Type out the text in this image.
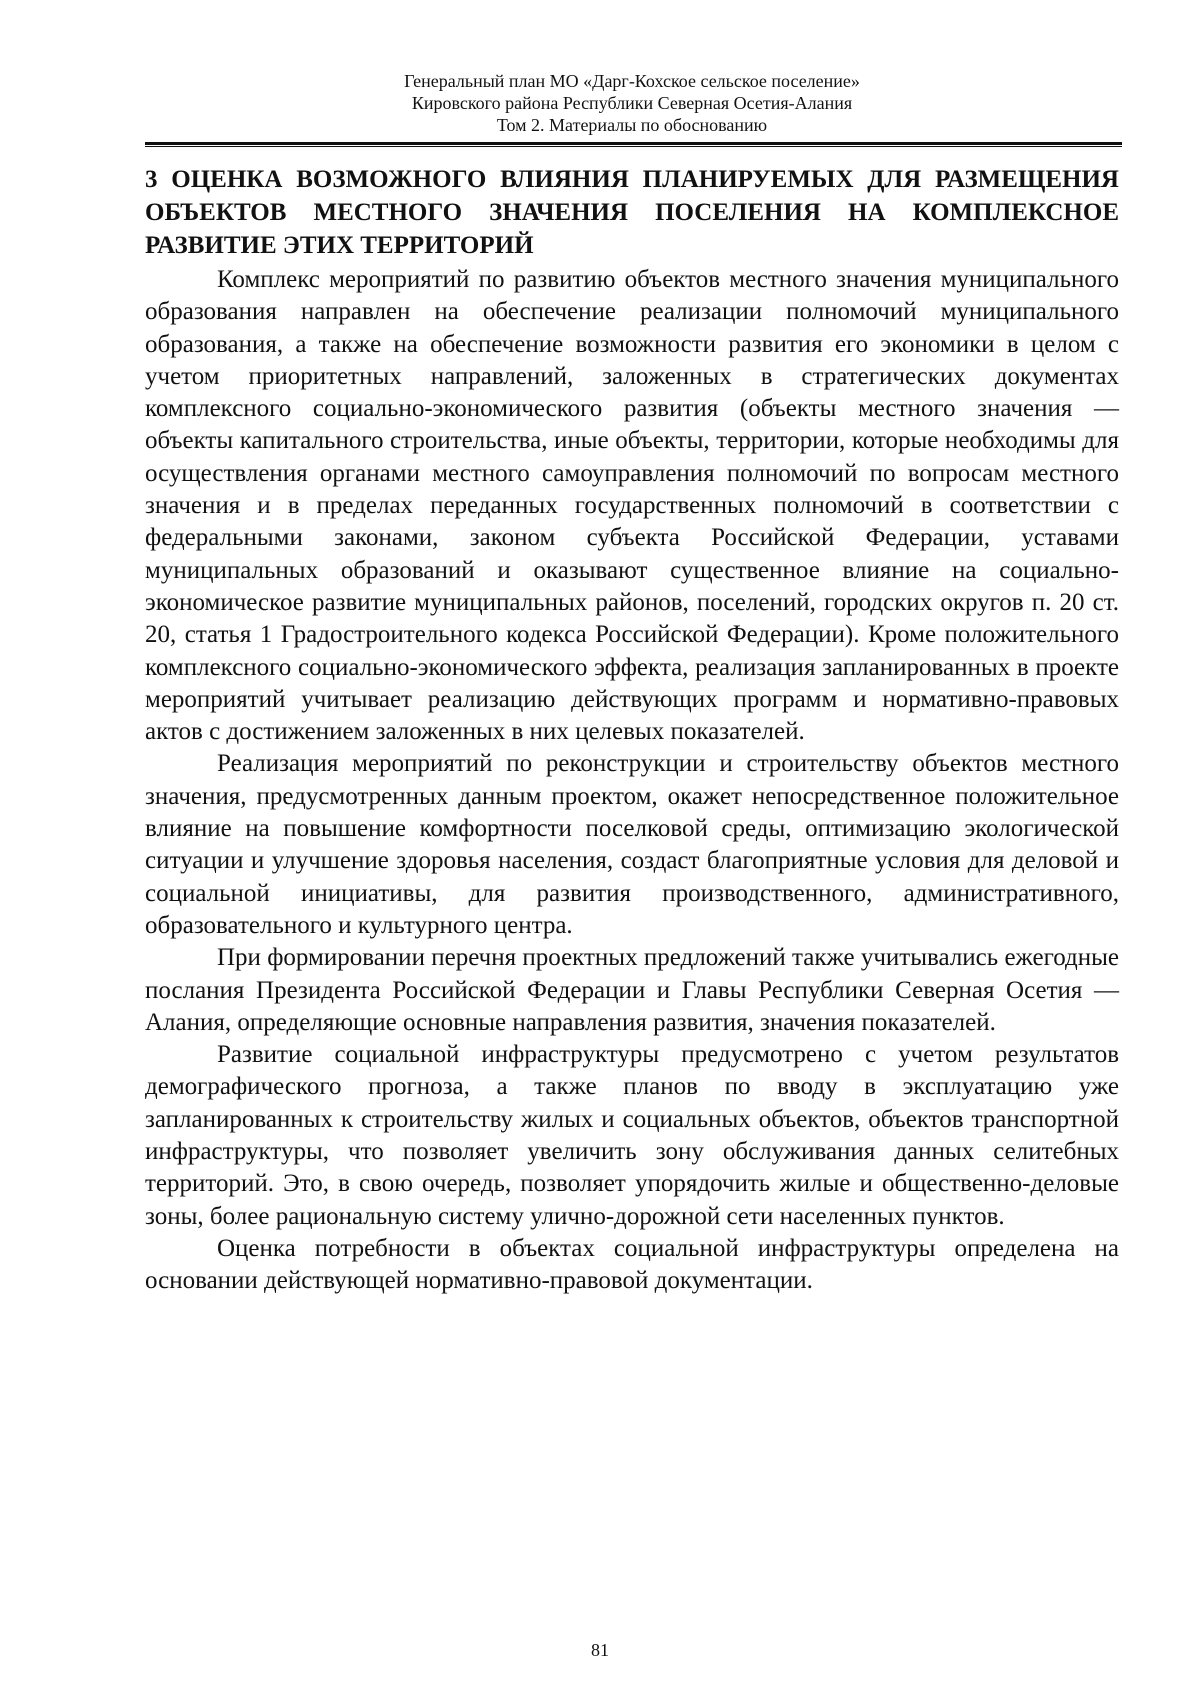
Генеральный план МО «Дарг-Кохское сельское поселение»
Кировского района Республики Северная Осетия-Алания
Том 2. Материалы по обоснованию
3 ОЦЕНКА ВОЗМОЖНОГО ВЛИЯНИЯ ПЛАНИРУЕМЫХ ДЛЯ РАЗМЕЩЕНИЯ ОБЪЕКТОВ МЕСТНОГО ЗНАЧЕНИЯ ПОСЕЛЕНИЯ НА КОМПЛЕКСНОЕ РАЗВИТИЕ ЭТИХ ТЕРРИТОРИЙ

Комплекс мероприятий по развитию объектов местного значения муниципального образования направлен на обеспечение реализации полномочий муниципального образования, а также на обеспечение возможности развития его экономики в целом с учетом приоритетных направлений, заложенных в стратегических документах комплексного социально-экономического развития (объекты местного значения — объекты капитального строительства, иные объекты, территории, которые необходимы для осуществления органами местного самоуправления полномочий по вопросам местного значения и в пределах переданных государственных полномочий в соответствии с федеральными законами, законом субъекта Российской Федерации, уставами муниципальных образований и оказывают существенное влияние на социально-экономическое развитие муниципальных районов, поселений, городских округов п. 20 ст. 20, статья 1 Градостроительного кодекса Российской Федерации). Кроме положительного комплексного социально-экономического эффекта, реализация запланированных в проекте мероприятий учитывает реализацию действующих программ и нормативно-правовых актов с достижением заложенных в них целевых показателей.

Реализация мероприятий по реконструкции и строительству объектов местного значения, предусмотренных данным проектом, окажет непосредственное положительное влияние на повышение комфортности поселковой среды, оптимизацию экологической ситуации и улучшение здоровья населения, создаст благоприятные условия для деловой и социальной инициативы, для развития производственного, административного, образовательного и культурного центра.

При формировании перечня проектных предложений также учитывались ежегодные послания Президента Российской Федерации и Главы Республики Северная Осетия — Алания, определяющие основные направления развития, значения показателей.

Развитие социальной инфраструктуры предусмотрено с учетом результатов демографического прогноза, а также планов по вводу в эксплуатацию уже запланированных к строительству жилых и социальных объектов, объектов транспортной инфраструктуры, что позволяет увеличить зону обслуживания данных селитебных территорий. Это, в свою очередь, позволяет упорядочить жилые и общественно-деловые зоны, более рациональную систему улично-дорожной сети населенных пунктов.

Оценка потребности в объектах социальной инфраструктуры определена на основании действующей нормативно-правовой документации.

81
